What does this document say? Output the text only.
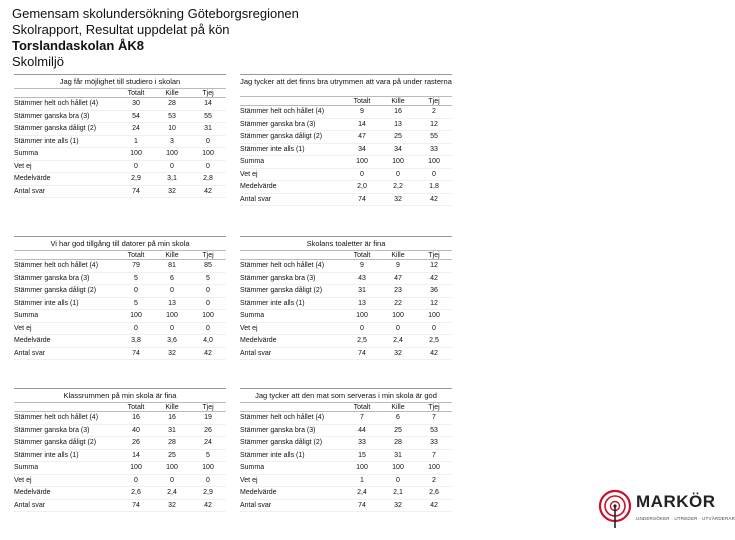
Gemensam skolundersökning Göteborgsregionen
Skolrapport, Resultat uppdelat på kön
Torslandaskolan ÅK8
Skolmiljö
Jag får möjlighet till studiero i skolan
Totalt	Kille	Tjej
Stämmer helt och hållet (4)	30	28	14
Stämmer ganska bra (3)	54	53	55
Stämmer ganska dåligt (2)	24	10	31
Stämmer inte alls (1)	1	3	0
Summa	100	100	100
Vet ej	0	0	0
Medelvärde	2,9	3,1	2,8
Antal svar	74	32	42
Jag tycker att det finns bra utrymmen att vara på under rasterna
Totalt	Kille	Tjej
Stämmer helt och hållet (4)	9	16	2
Stämmer ganska bra (3)	14	13	12
Stämmer ganska dåligt (2)	47	25	55
Stämmer inte alls (1)	34	34	33
Summa	100	100	100
Vet ej	0	0	0
Medelvärde	2,0	2,2	1,8
Antal svar	74	32	42
Vi har god tillgång till datorer på min skola
Totalt	Kille	Tjej
Stämmer helt och hållet (4)	79	81	85
Stämmer ganska bra (3)	5	6	5
Stämmer ganska dåligt (2)	0	0	0
Stämmer inte alls (1)	5	13	0
Summa	100	100	100
Vet ej	0	0	0
Medelvärde	3,8	3,6	4,0
Antal svar	74	32	42
Skolans toaletter är fina
Totalt	Kille	Tjej
Stämmer helt och hållet (4)	9	9	12
Stämmer ganska bra (3)	43	47	42
Stämmer ganska dåligt (2)	31	23	36
Stämmer inte alls (1)	13	22	12
Summa	100	100	100
Vet ej	0	0	0
Medelvärde	2,5	2,4	2,5
Antal svar	74	32	42
Klassrummen på min skola är fina
Totalt	Kille	Tjej
Stämmer helt och hållet (4)	16	16	19
Stämmer ganska bra (3)	40	31	26
Stämmer ganska dåligt (2)	26	28	24
Stämmer inte alls (1)	14	25	5
Summa	100	100	100
Vet ej	0	0	0
Medelvärde	2,6	2,4	2,9
Antal svar	74	32	42
Jag tycker att den mat som serveras i min skola är god
Totalt	Kille	Tjej
Stämmer helt och hållet (4)	7	6	7
Stämmer ganska bra (3)	44	25	53
Stämmer ganska dåligt (2)	33	28	33
Stämmer inte alls (1)	15	31	7
Summa	100	100	100
Vet ej	1	0	2
Medelvärde	2,4	2,1	2,6
Antal svar	74	32	42	MARKÖR
UNDERSÖKER · UTREDER · UTVÄRDERAR
